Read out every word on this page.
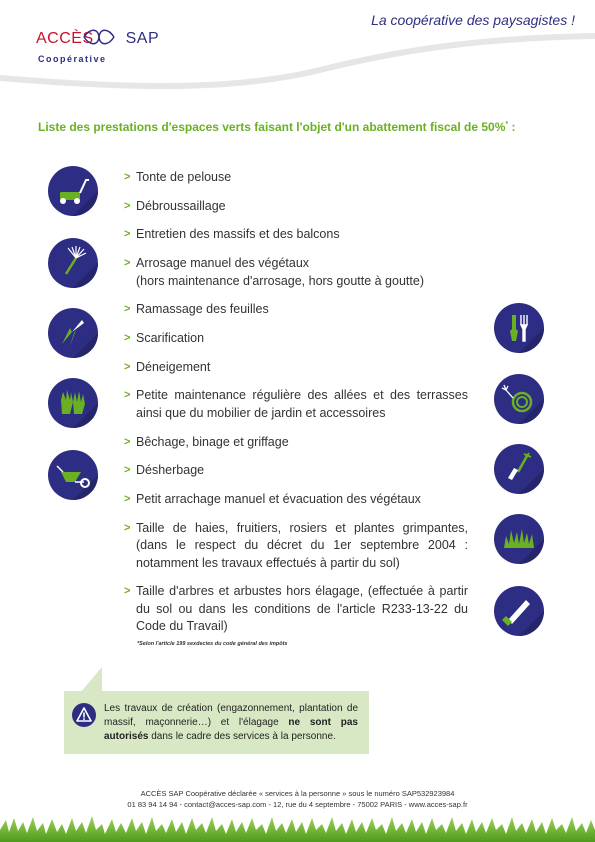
ACCÈS SAP
Coopérative
La coopérative des paysagistes !
Liste des prestations d'espaces verts faisant l'objet d'un abattement fiscal de 50%* :
> Tonte de pelouse
> Débroussaillage
> Entretien des massifs et des balcons
> Arrosage manuel des végétaux
(hors maintenance d'arrosage, hors goutte à goutte)
> Ramassage des feuilles
> Scarification
> Déneigement
> Petite maintenance régulière des allées et des terrasses ainsi que du mobilier de jardin et accessoires
> Bêchage, binage et griffage
> Désherbage
> Petit arrachage manuel et évacuation des végétaux
> Taille de haies, fruitiers, rosiers et plantes grimpantes, (dans le respect du décret du 1er septembre 2004 : notamment les travaux effectués à partir du sol)
> Taille d'arbres et arbustes hors élagage, (effectuée à partir du sol ou dans les conditions de l'article R233-13-22 du Code du Travail)
*Selon l'article 199 sexdecies du code général des impôts
Les travaux de création (engazonnement, plantation de massif, maçonnerie…) et l'élagage ne sont pas autorisés dans le cadre des services à la personne.
ACCÈS SAP Coopérative déclarée « services à la personne » sous le numéro SAP532923984
01 83 94 14 94 - contact@acces-sap.com - 12, rue du 4 septembre - 75002 PARIS - www.acces-sap.fr
